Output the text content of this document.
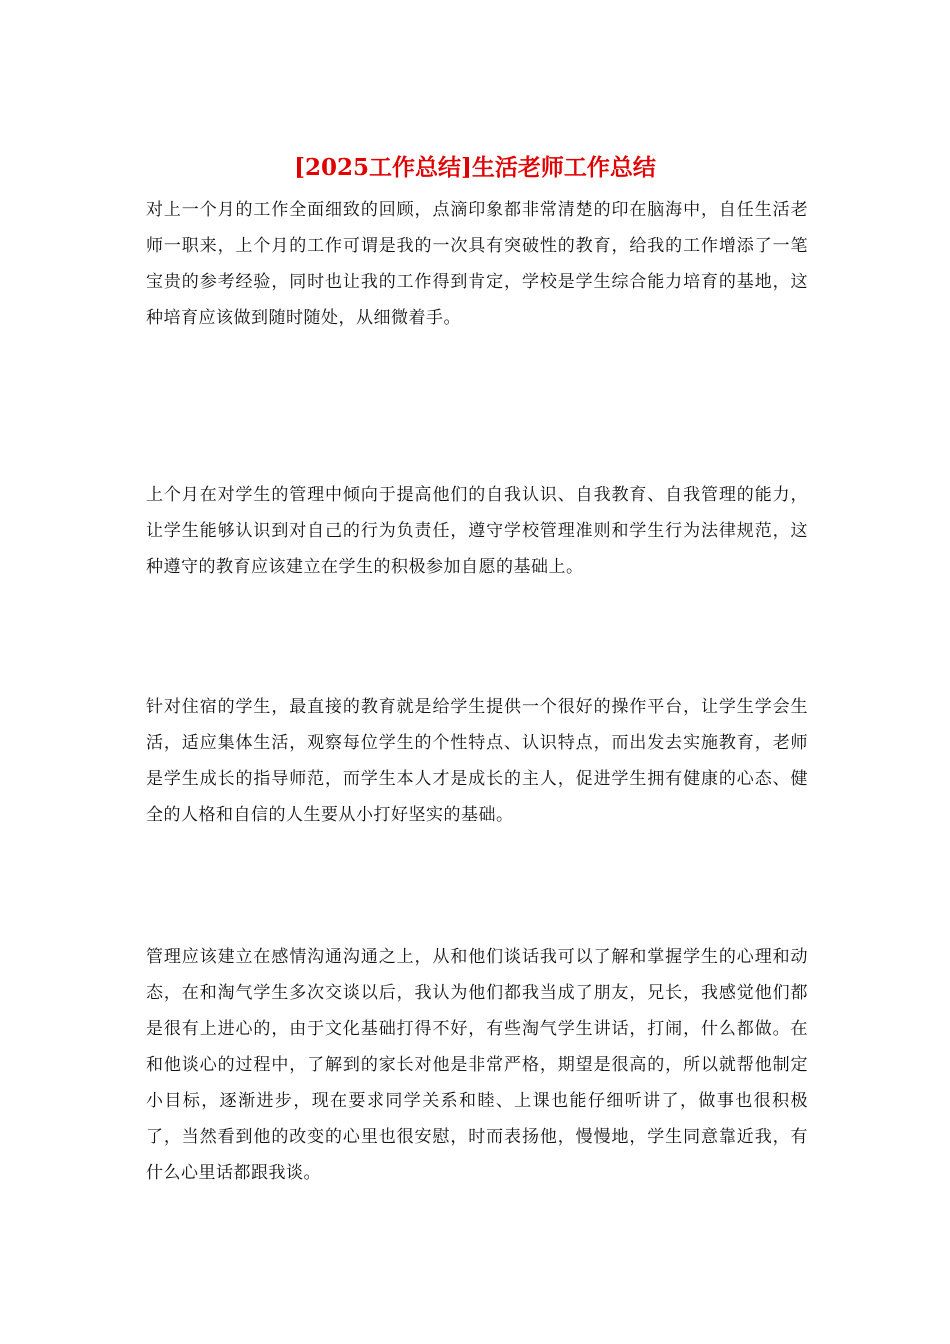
[2025工作总结]生活老师工作总结

对上一个月的工作全面细致的回顾，点滴印象都非常清楚的印在脑海中，自任生活老师一职来，上个月的工作可谓是我的一次具有突破性的教育，给我的工作增添了一笔宝贵的参考经验，同时也让我的工作得到肯定，学校是学生综合能力培育的基地，这种培育应该做到随时随处，从细微着手。

上个月在对学生的管理中倾向于提高他们的自我认识、自我教育、自我管理的能力，让学生能够认识到对自己的行为负责任，遵守学校管理准则和学生行为法律规范，这种遵守的教育应该建立在学生的积极参加自愿的基础上。

针对住宿的学生，最直接的教育就是给学生提供一个很好的操作平台，让学生学会生活，适应集体生活，观察每位学生的个性特点、认识特点，而出发去实施教育，老师是学生成长的指导师范，而学生本人才是成长的主人，促进学生拥有健康的心态、健全的人格和自信的人生要从小打好坚实的基础。

管理应该建立在感情沟通沟通之上，从和他们谈话我可以了解和掌握学生的心理和动态，在和淘气学生多次交谈以后，我认为他们都我当成了朋友，兄长，我感觉他们都是很有上进心的，由于文化基础打得不好，有些淘气学生讲话，打闹，什么都做。在和他谈心的过程中，了解到的家长对他是非常严格，期望是很高的，所以就帮他制定小目标，逐渐进步，现在要求同学关系和睦、上课也能仔细听讲了，做事也很积极了，当然看到他的改变的心里也很安慰，时而表扬他，慢慢地，学生同意靠近我，有什么心里话都跟我谈。
